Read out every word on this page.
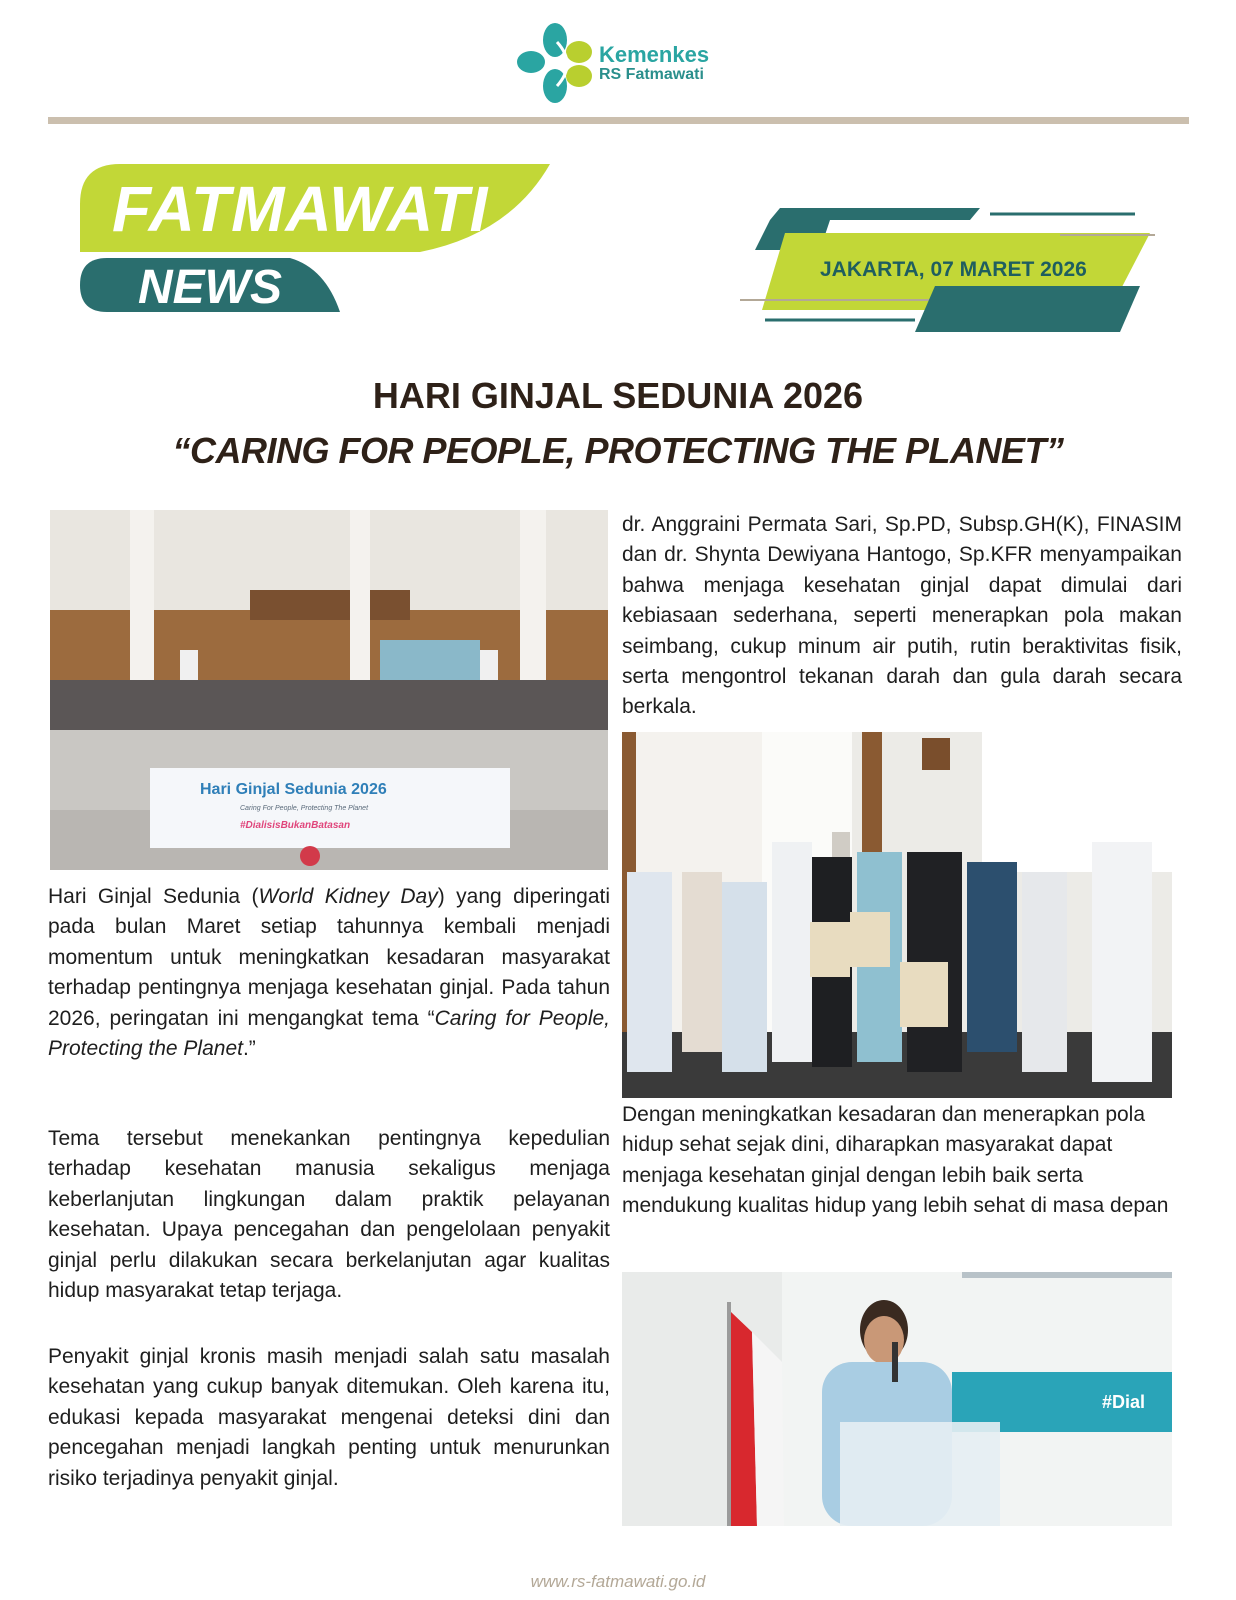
Kemenkes
RS Fatmawati
FATMAWATI
NEWS	JAKARTA, 07 MARET 2026
HARI GINJAL SEDUNIA 2026
“CARING FOR PEOPLE, PROTECTING THE PLANET”
Hari Ginjal Sedunia 2026
Caring For People, Protecting The Planet
#DialisisBukanBatasan

Hari Ginjal Sedunia (World Kidney Day) yang diperingati pada bulan Maret setiap tahunnya kembali menjadi momentum untuk meningkatkan kesadaran masyarakat terhadap pentingnya menjaga kesehatan ginjal. Pada tahun 2026, peringatan ini mengangkat tema “Caring for People, Protecting the Planet.”

Tema tersebut menekankan pentingnya kepedulian terhadap kesehatan manusia sekaligus menjaga keberlanjutan lingkungan dalam praktik pelayanan kesehatan. Upaya pencegahan dan pengelolaan penyakit ginjal perlu dilakukan secara berkelanjutan agar kualitas hidup masyarakat tetap terjaga.

Penyakit ginjal kronis masih menjadi salah satu masalah kesehatan yang cukup banyak ditemukan. Oleh karena itu, edukasi kepada masyarakat mengenai deteksi dini dan pencegahan menjadi langkah penting untuk menurunkan risiko terjadinya penyakit ginjal.

dr. Anggraini Permata Sari, Sp.PD, Subsp.GH(K), FINASIM dan dr. Shynta Dewiyana Hantogo, Sp.KFR menyampaikan bahwa menjaga kesehatan ginjal dapat dimulai dari kebiasaan sederhana, seperti menerapkan pola makan seimbang, cukup minum air putih, rutin beraktivitas fisik, serta mengontrol tekanan darah dan gula darah secara berkala.

Dengan meningkatkan kesadaran dan menerapkan pola hidup sehat sejak dini, diharapkan masyarakat dapat menjaga kesehatan ginjal dengan lebih baik serta mendukung kualitas hidup yang lebih sehat di masa depan

#Dial
www.rs-fatmawati.go.id
